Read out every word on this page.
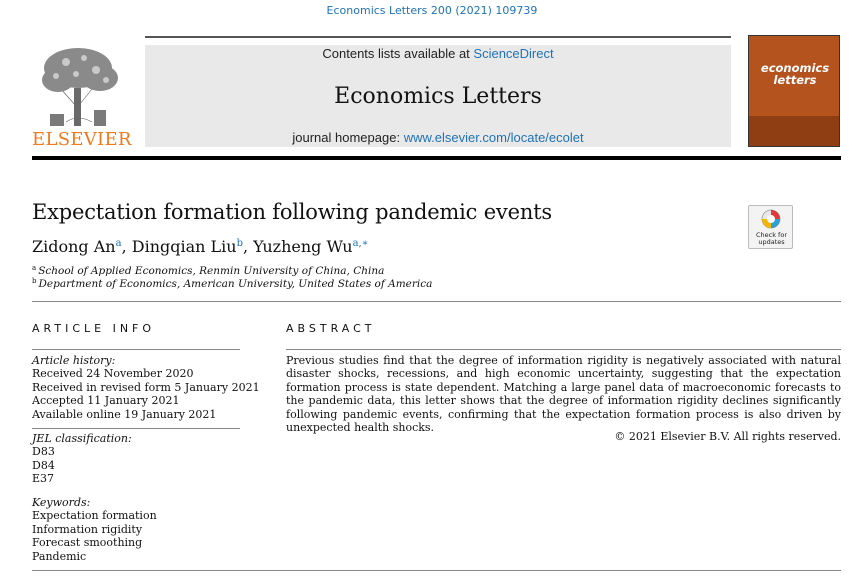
Economics Letters 200 (2021) 109739
ELSEVIER
Contents lists available at ScienceDirect
Economics Letters
journal homepage: www.elsevier.com/locate/ecolet
economics
letters
Expectation formation following pandemic events
Zidong An$^a$, Dingqian Liu$^b$, Yuzheng $Wu^{a,∗}$
$^a$ School of Applied Economics, Renmin University of China, China
$^b$ Department of Economics, American University, United States of America
Check for
updates
ARTICLE INFO	ABSTRACT
Article history:
Received 24 November 2020
Received in revised form 5 January 2021
Accepted 11 January 2021
Available online 19 January 2021
JEL classification:
D83
D84
E37
Keywords:
Expectation formation
Information rigidity
Forecast smoothing
Pandemic
Previous studies find that the degree of information rigidity is negatively associated with natural disaster shocks, recessions, and high economic uncertainty, suggesting that the expectation formation process is state dependent. Matching a large panel data of macroeconomic forecasts to the pandemic data, this letter shows that the degree of information rigidity declines significantly following pandemic events, confirming that the expectation formation process is also driven by unexpected health shocks.
© 2021 Elsevier B.V. All rights reserved.
